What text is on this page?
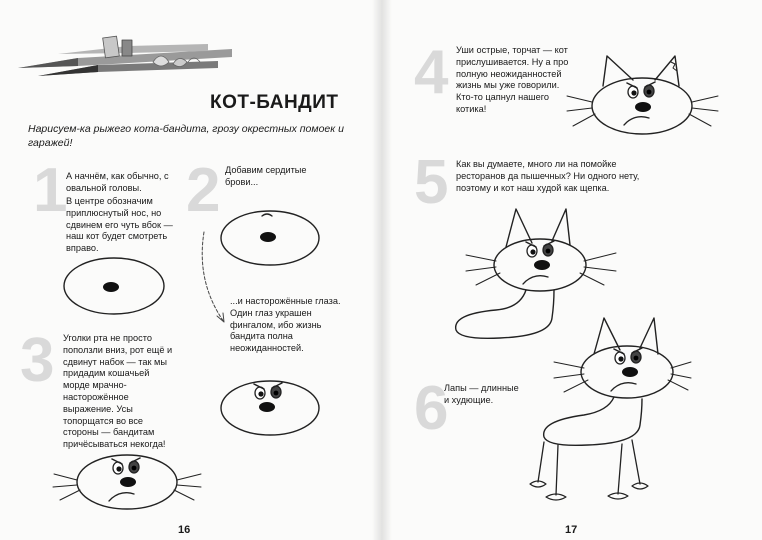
КОТ-БАНДИТ
Нарисуем-ка рыжего кота-бандита, грозу окрестных помоек и гаражей!
1
А начнём, как обычно, с овальной головы.
В центре обозначим приплюснутый нос, но сдвинем его чуть вбок — наш кот будет смотреть вправо.
2 Добавим сердитые брови...
...и насторожённые глаза. Один глаз украшен фингалом, ибо жизнь бандита полна неожиданностей.
3 Уголки рта не просто поползли вниз, рот ещё и сдвинут набок — так мы придадим кошачьей морде мрачно-насторожённое выражение. Усы топорщатся во все стороны — бандитам причёсываться некогда!
16
4 Уши острые, торчат — кот прислушивается. Ну а про полную неожиданностей жизнь мы уже говорили. Кто-то цапнул нашего котика!
5 Как вы думаете, много ли на помойке ресторанов да пышечных? Ни одного нету, поэтому и кот наш худой как щепка.
6
Лапы — длинные и худющие.
17
